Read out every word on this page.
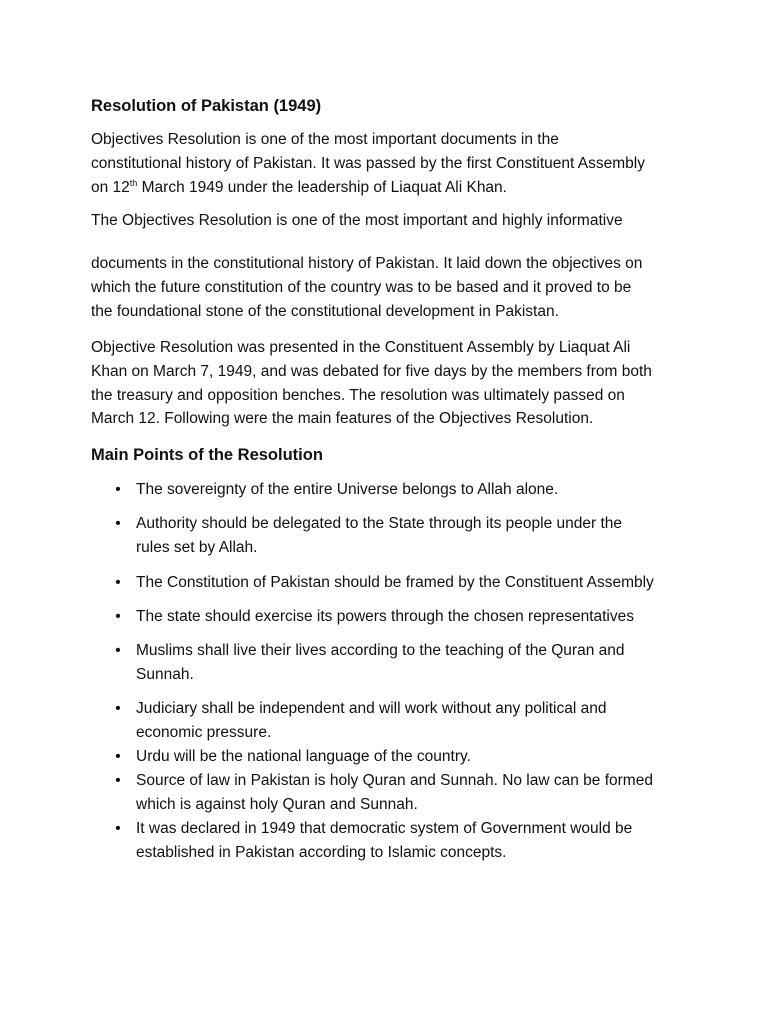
Resolution of Pakistan (1949)

Objectives Resolution is one of the most important documents in the
constitutional history of Pakistan. It was passed by the first Constituent Assembly
on 12th March 1949 under the leadership of Liaquat Ali Khan.

The Objectives Resolution is one of the most important and highly informative

documents in the constitutional history of Pakistan. It laid down the objectives on
which the future constitution of the country was to be based and it proved to be
the foundational stone of the constitutional development in Pakistan.

Objective Resolution was presented in the Constituent Assembly by Liaquat Ali
Khan on March 7, 1949, and was debated for five days by the members from both
the treasury and opposition benches. The resolution was ultimately passed on
March 12. Following were the main features of the Objectives Resolution.

Main Points of the Resolution
• The sovereignty of the entire Universe belongs to Allah alone.
• Authority should be delegated to the State through its people under the
rules set by Allah.
• The Constitution of Pakistan should be framed by the Constituent Assembly
• The state should exercise its powers through the chosen representatives
• Muslims shall live their lives according to the teaching of the Quran and
Sunnah.
• Judiciary shall be independent and will work without any political and
economic pressure.
• Urdu will be the national language of the country.
• Source of law in Pakistan is holy Quran and Sunnah. No law can be formed
which is against holy Quran and Sunnah.
• It was declared in 1949 that democratic system of Government would be
established in Pakistan according to Islamic concepts.
